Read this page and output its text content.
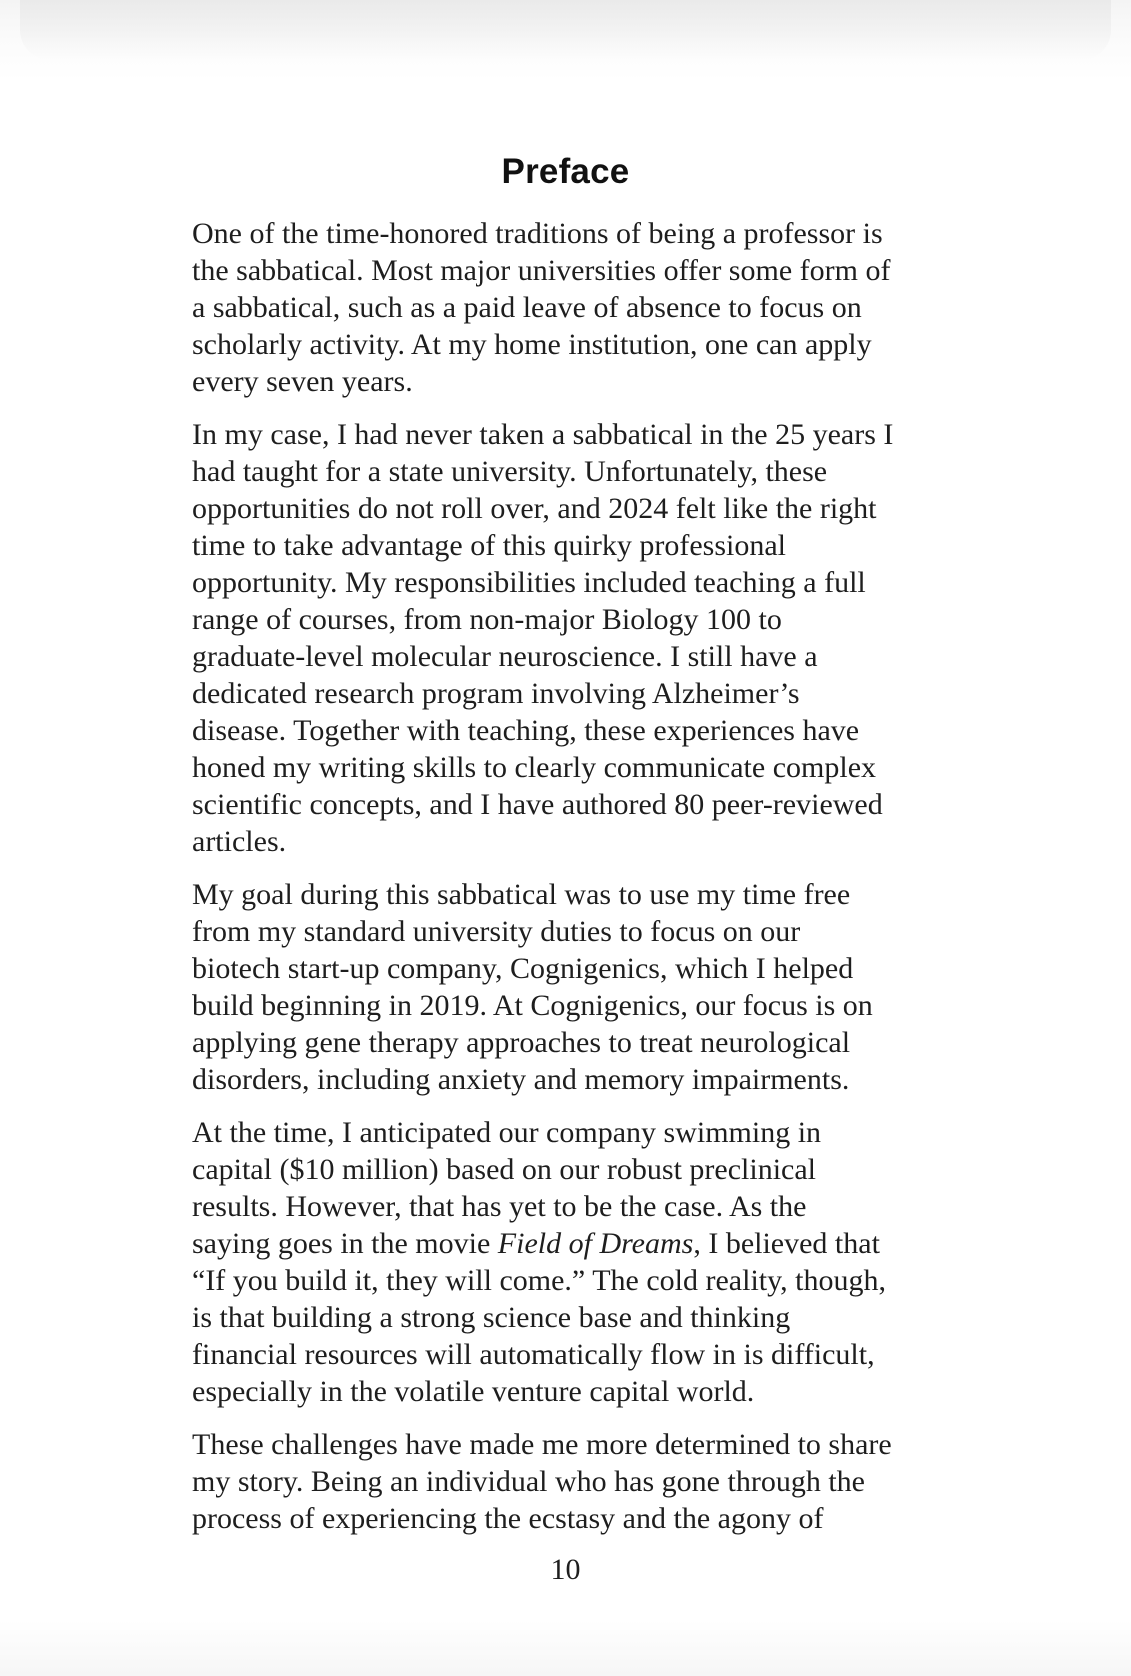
Preface

One of the time-honored traditions of being a professor is
the sabbatical. Most major universities offer some form of
a sabbatical, such as a paid leave of absence to focus on
scholarly activity. At my home institution, one can apply
every seven years.

In my case, I had never taken a sabbatical in the 25 years I
had taught for a state university. Unfortunately, these
opportunities do not roll over, and 2024 felt like the right
time to take advantage of this quirky professional
opportunity. My responsibilities included teaching a full
range of courses, from non-major Biology 100 to
graduate-level molecular neuroscience. I still have a
dedicated research program involving Alzheimer’s
disease. Together with teaching, these experiences have
honed my writing skills to clearly communicate complex
scientific concepts, and I have authored 80 peer-reviewed
articles.

My goal during this sabbatical was to use my time free
from my standard university duties to focus on our
biotech start-up company, Cognigenics, which I helped
build beginning in 2019. At Cognigenics, our focus is on
applying gene therapy approaches to treat neurological
disorders, including anxiety and memory impairments.

At the time, I anticipated our company swimming in
capital ($10 million) based on our robust preclinical
results. However, that has yet to be the case. As the
saying goes in the movie Field of Dreams, I believed that
“If you build it, they will come.” The cold reality, though,
is that building a strong science base and thinking
financial resources will automatically flow in is difficult,
especially in the volatile venture capital world.

These challenges have made me more determined to share
my story. Being an individual who has gone through the
process of experiencing the ecstasy and the agony of

10
